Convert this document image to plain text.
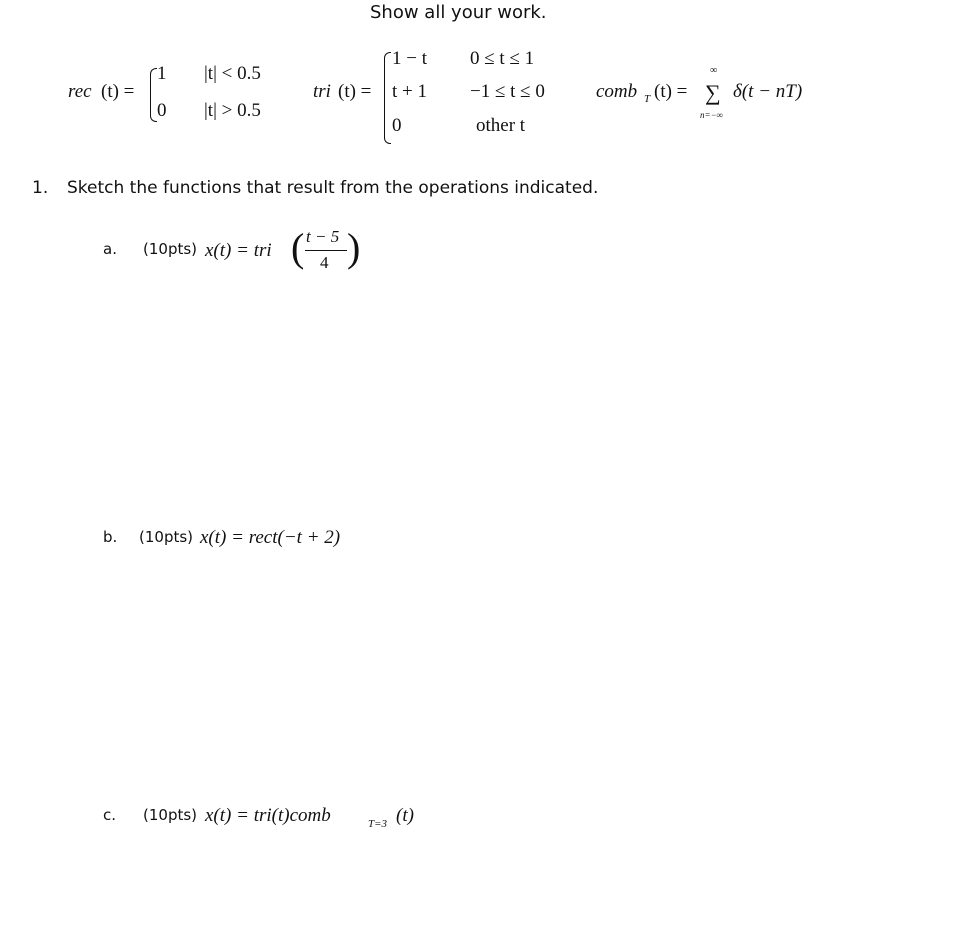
Show all your work.
rec (t) =
1 |t| < 0.5
0 |t| > 0.5
tri (t) =
1 − t 0 ≤ t ≤ 1
t + 1 −1 ≤ t ≤ 0
0	other t
comb T (t) =
∞
∑
n=−∞
δ(t − nT)
1. Sketch the functions that result from the operations indicated.
a. (10pts) x(t) = tri ( t − 5
4 )
b. (10pts) x(t) = rect(−t + 2)
c. (10pts) x(t) = tri(t)comb	T=3 (t)
